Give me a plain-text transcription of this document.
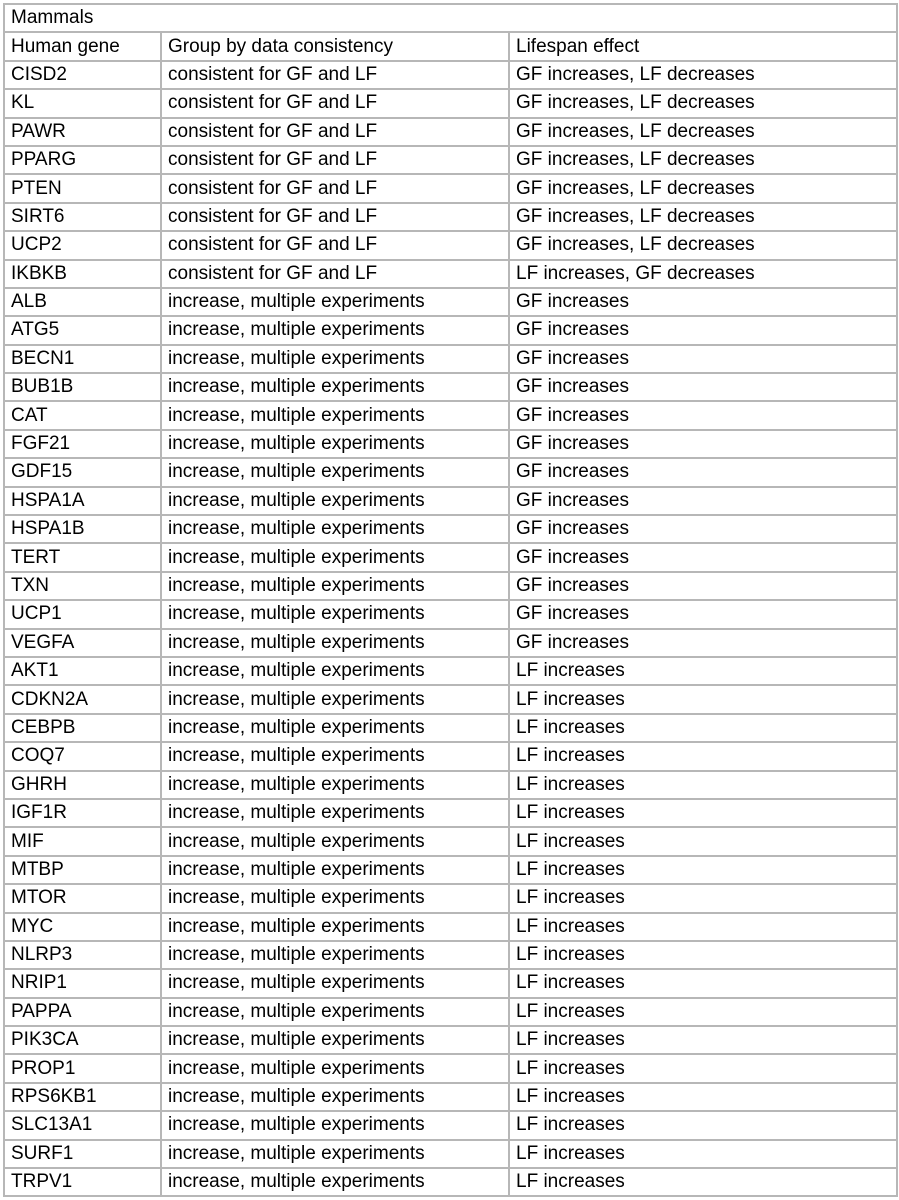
Mammals		
Human gene	Group by data consistency	Lifespan effect
CISD2	consistent for GF and LF	GF increases, LF decreases
KL	consistent for GF and LF	GF increases, LF decreases
PAWR	consistent for GF and LF	GF increases, LF decreases
PPARG	consistent for GF and LF	GF increases, LF decreases
PTEN	consistent for GF and LF	GF increases, LF decreases
SIRT6	consistent for GF and LF	GF increases, LF decreases
UCP2	consistent for GF and LF	GF increases, LF decreases
IKBKB	consistent for GF and LF	LF increases, GF decreases
ALB	increase, multiple experiments	GF increases
ATG5	increase, multiple experiments	GF increases
BECN1	increase, multiple experiments	GF increases
BUB1B	increase, multiple experiments	GF increases
CAT	increase, multiple experiments	GF increases
FGF21	increase, multiple experiments	GF increases
GDF15	increase, multiple experiments	GF increases
HSPA1A	increase, multiple experiments	GF increases
HSPA1B	increase, multiple experiments	GF increases
TERT	increase, multiple experiments	GF increases
TXN	increase, multiple experiments	GF increases
UCP1	increase, multiple experiments	GF increases
VEGFA	increase, multiple experiments	GF increases
AKT1	increase, multiple experiments	LF increases
CDKN2A	increase, multiple experiments	LF increases
CEBPB	increase, multiple experiments	LF increases
COQ7	increase, multiple experiments	LF increases
GHRH	increase, multiple experiments	LF increases
IGF1R	increase, multiple experiments	LF increases
MIF	increase, multiple experiments	LF increases
MTBP	increase, multiple experiments	LF increases
MTOR	increase, multiple experiments	LF increases
MYC	increase, multiple experiments	LF increases
NLRP3	increase, multiple experiments	LF increases
NRIP1	increase, multiple experiments	LF increases
PAPPA	increase, multiple experiments	LF increases
PIK3CA	increase, multiple experiments	LF increases
PROP1	increase, multiple experiments	LF increases
RPS6KB1	increase, multiple experiments	LF increases
SLC13A1	increase, multiple experiments	LF increases
SURF1	increase, multiple experiments	LF increases
TRPV1	increase, multiple experiments	LF increases
